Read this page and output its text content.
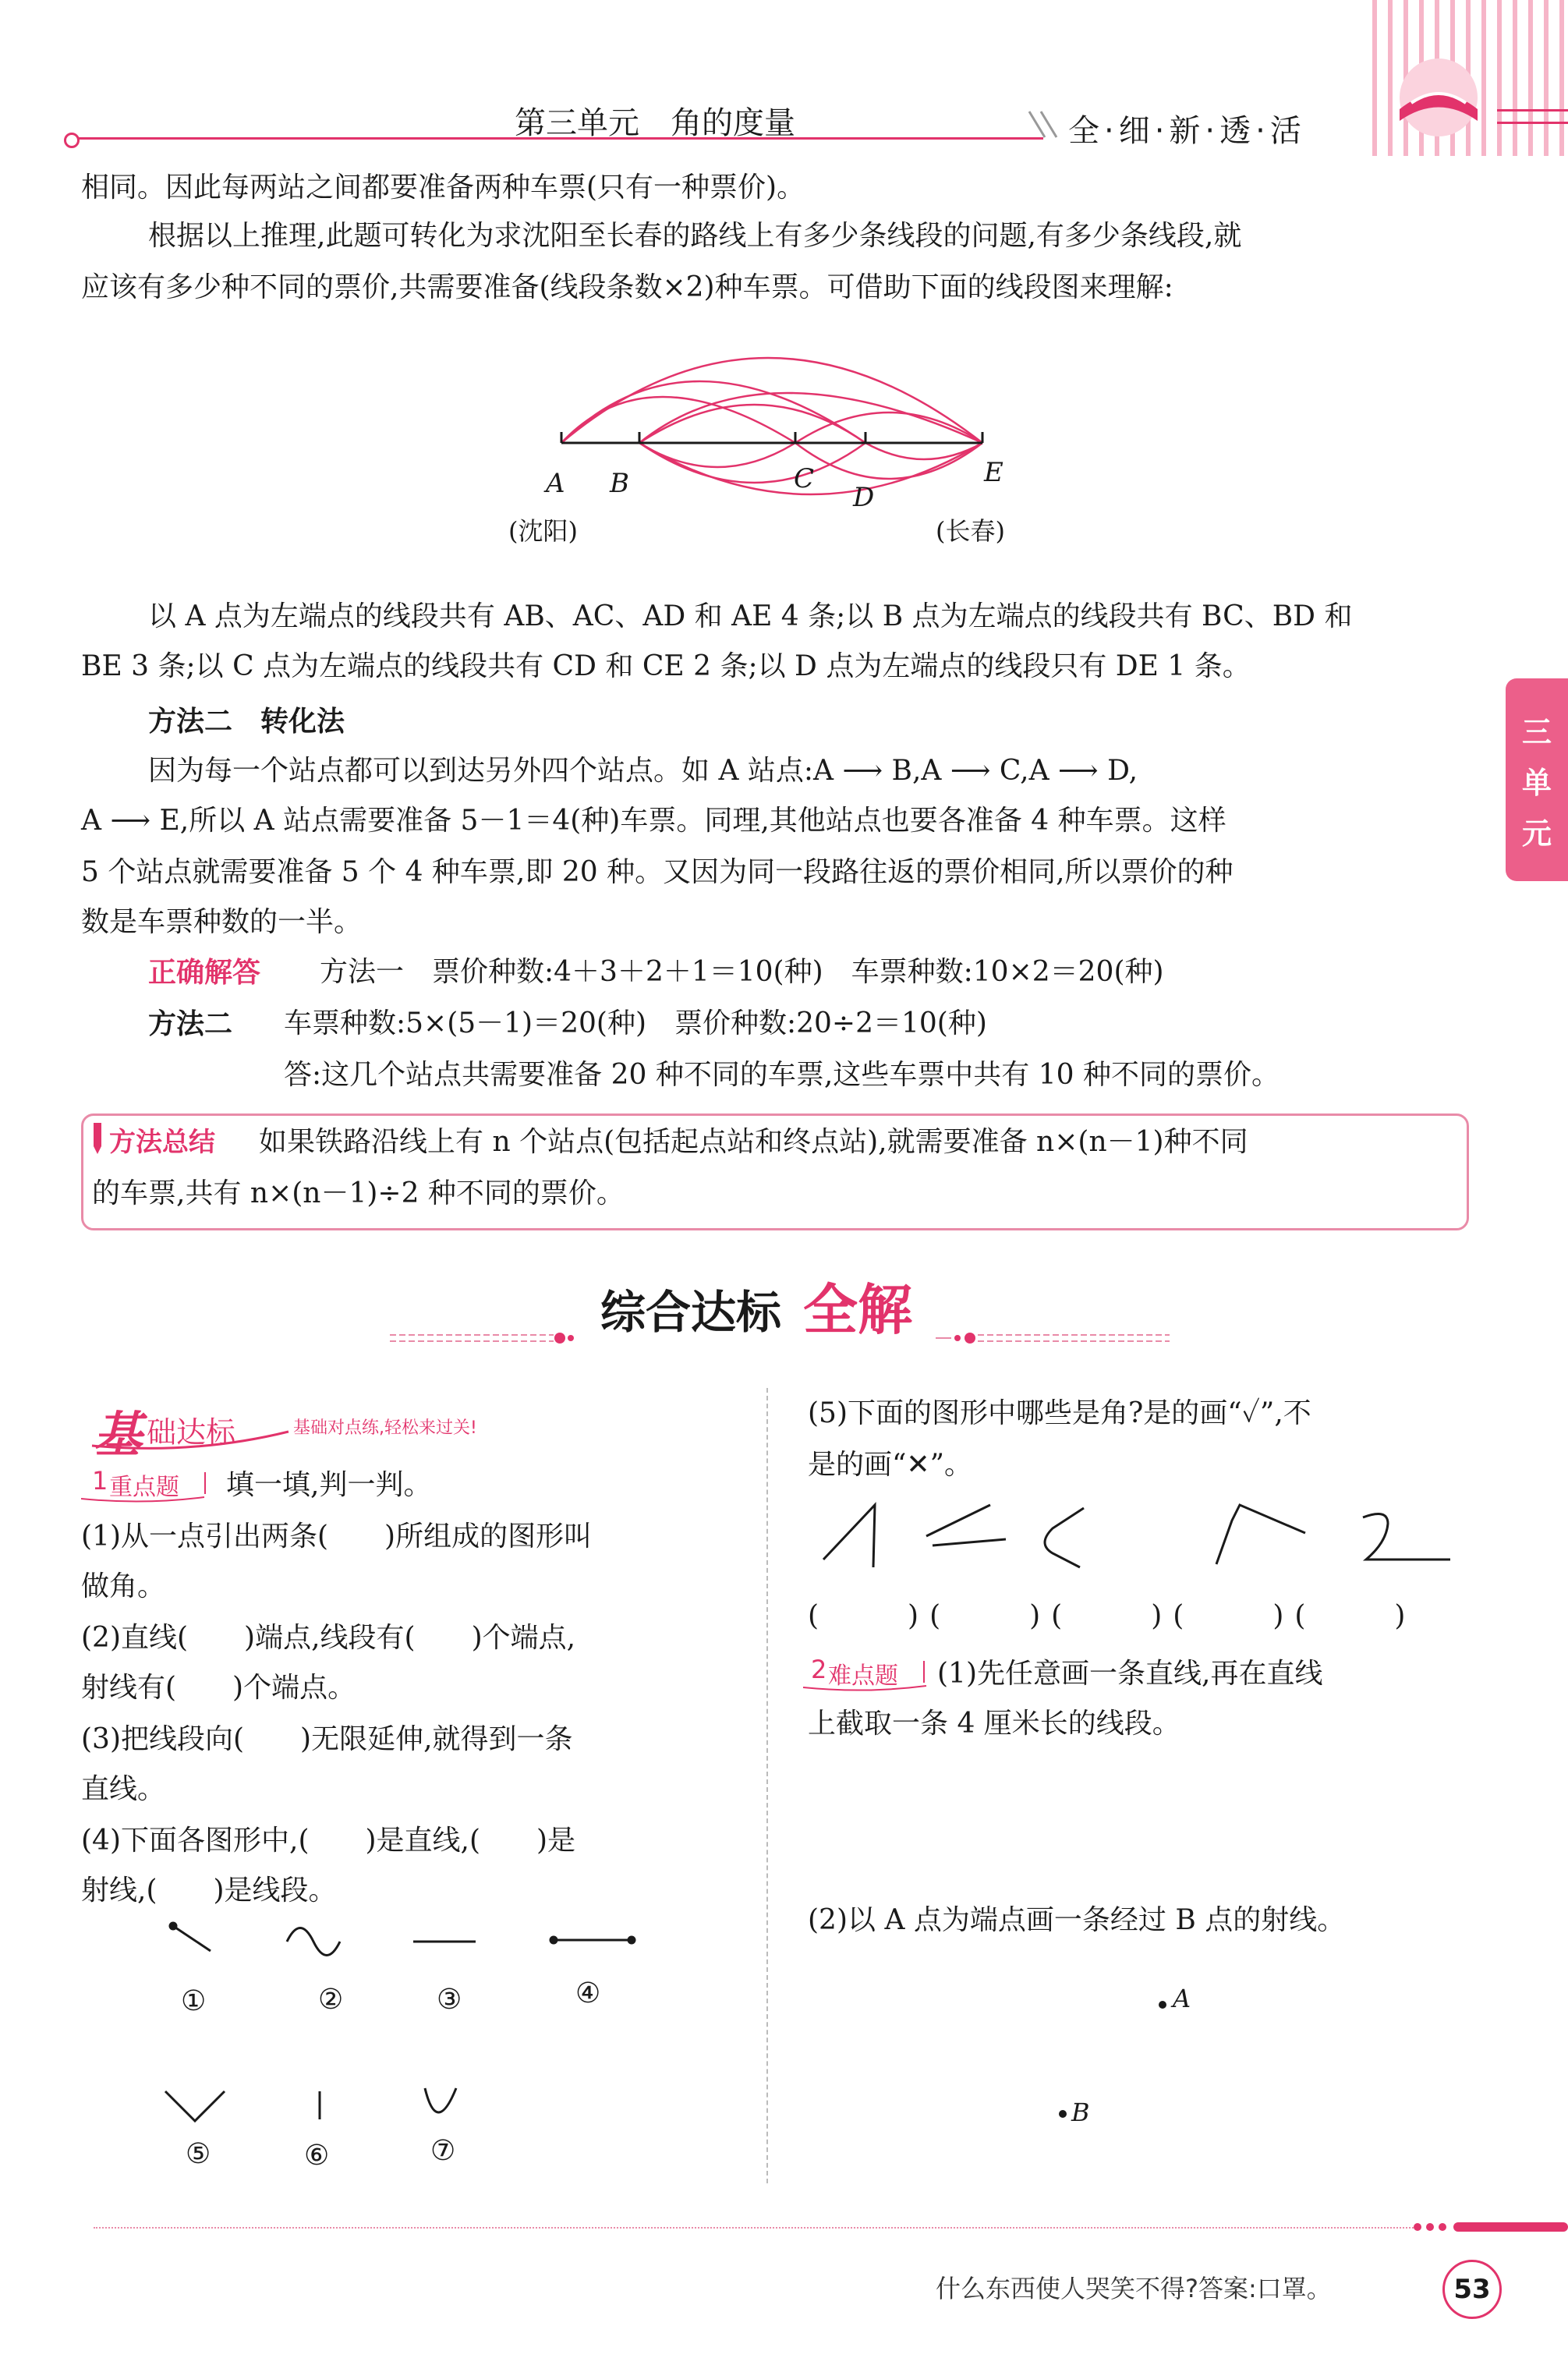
第三单元　角的度量	全·细·新·透·活
三
单
元
相同。因此每两站之间都要准备两种车票(只有一种票价)。
根据以上推理,此题可转化为求沈阳至长春的路线上有多少条线段的问题,有多少条线段,就
应该有多少种不同的票价,共需要准备(线段条数×2)种车票。可借助下面的线段图来理解:
A B	C
D
E
(沈阳)	(长春)
以 A 点为左端点的线段共有 AB、AC、AD 和 AE 4 条;以 B 点为左端点的线段共有 BC、BD 和
BE 3 条;以 C 点为左端点的线段共有 CD 和 CE 2 条;以 D 点为左端点的线段只有 DE 1 条。
方法二　转化法
因为每一个站点都可以到达另外四个站点。如 A 站点:A ⟶ B,A ⟶ C,A ⟶ D,
A ⟶ E,所以 A 站点需要准备 5－1＝4(种)车票。同理,其他站点也要各准备 4 种车票。这样
5 个站点就需要准备 5 个 4 种车票,即 20 种。又因为同一段路往返的票价相同,所以票价的种
数是车票种数的一半。
正确解答 方法一　票价种数:4＋3＋2＋1＝10(种)　车票种数:10×2＝20(种)
方法二 车票种数:5×(5－1)＝20(种)　票价种数:20÷2＝10(种)
答:这几个站点共需要准备 20 种不同的车票,这些车票中共有 10 种不同的票价。
方法总结 如果铁路沿线上有 n 个站点(包括起点站和终点站),就需要准备 n×(n－1)种不同
的车票,共有 n×(n－1)÷2 种不同的票价。
综合达标 全解
基 础达标	基础对点练,轻松来过关!
1 重点题 填一填,判一判。
(1)从一点引出两条(　　)所组成的图形叫
做角。
(2)直线(　　)端点,线段有(　　)个端点,
射线有(　　)个端点。
(3)把线段向(　　)无限延伸,就得到一条
直线。
(4)下面各图形中,(　　)是直线,(　　)是
射线,(　　)是线段。
①	②	③	④
⑤	⑥	⑦
(5)下面的图形中哪些是角?是的画“✓”,不
是的画“✕”。
(　　)(　　)(　　)(　　)(　　)
2 难点题 (1)先任意画一条直线,再在直线
上截取一条 4 厘米长的线段。
(2)以 A 点为端点画一条经过 B 点的射线。
A
B
什么东西使人哭笑不得?答案:口罩。	53
